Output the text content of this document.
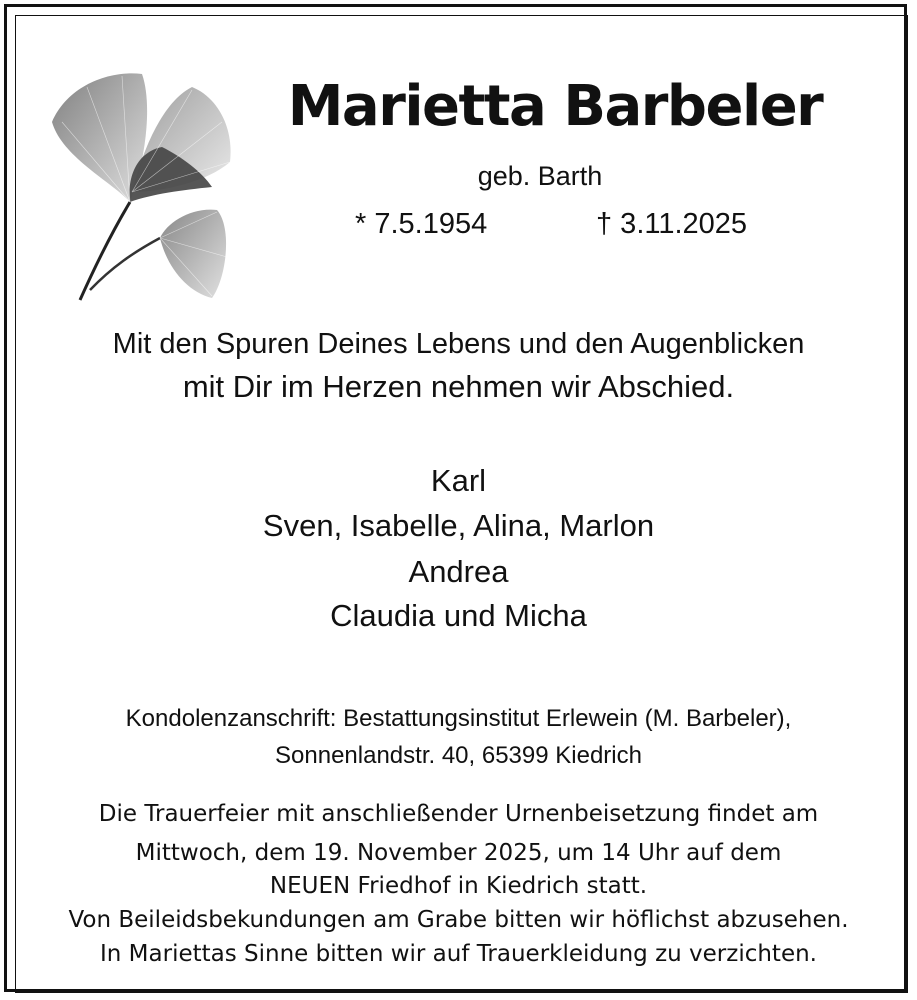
Marietta Barbeler
geb. Barth
* 7.5.1954	† 3.11.2025
Mit den Spuren Deines Lebens und den Augenblicken
mit Dir im Herzen nehmen wir Abschied.
Karl
Sven, Isabelle, Alina, Marlon
Andrea
Claudia und Micha
Kondolenzanschrift: Bestattungsinstitut Erlewein (M. Barbeler),
Sonnenlandstr. 40, 65399 Kiedrich
Die Trauerfeier mit anschließender Urnenbeisetzung findet am
Mittwoch, dem 19. November 2025, um 14 Uhr auf dem
NEUEN Friedhof in Kiedrich statt.
Von Beileidsbekundungen am Grabe bitten wir höflichst abzusehen.
In Mariettas Sinne bitten wir auf Trauerkleidung zu verzichten.
